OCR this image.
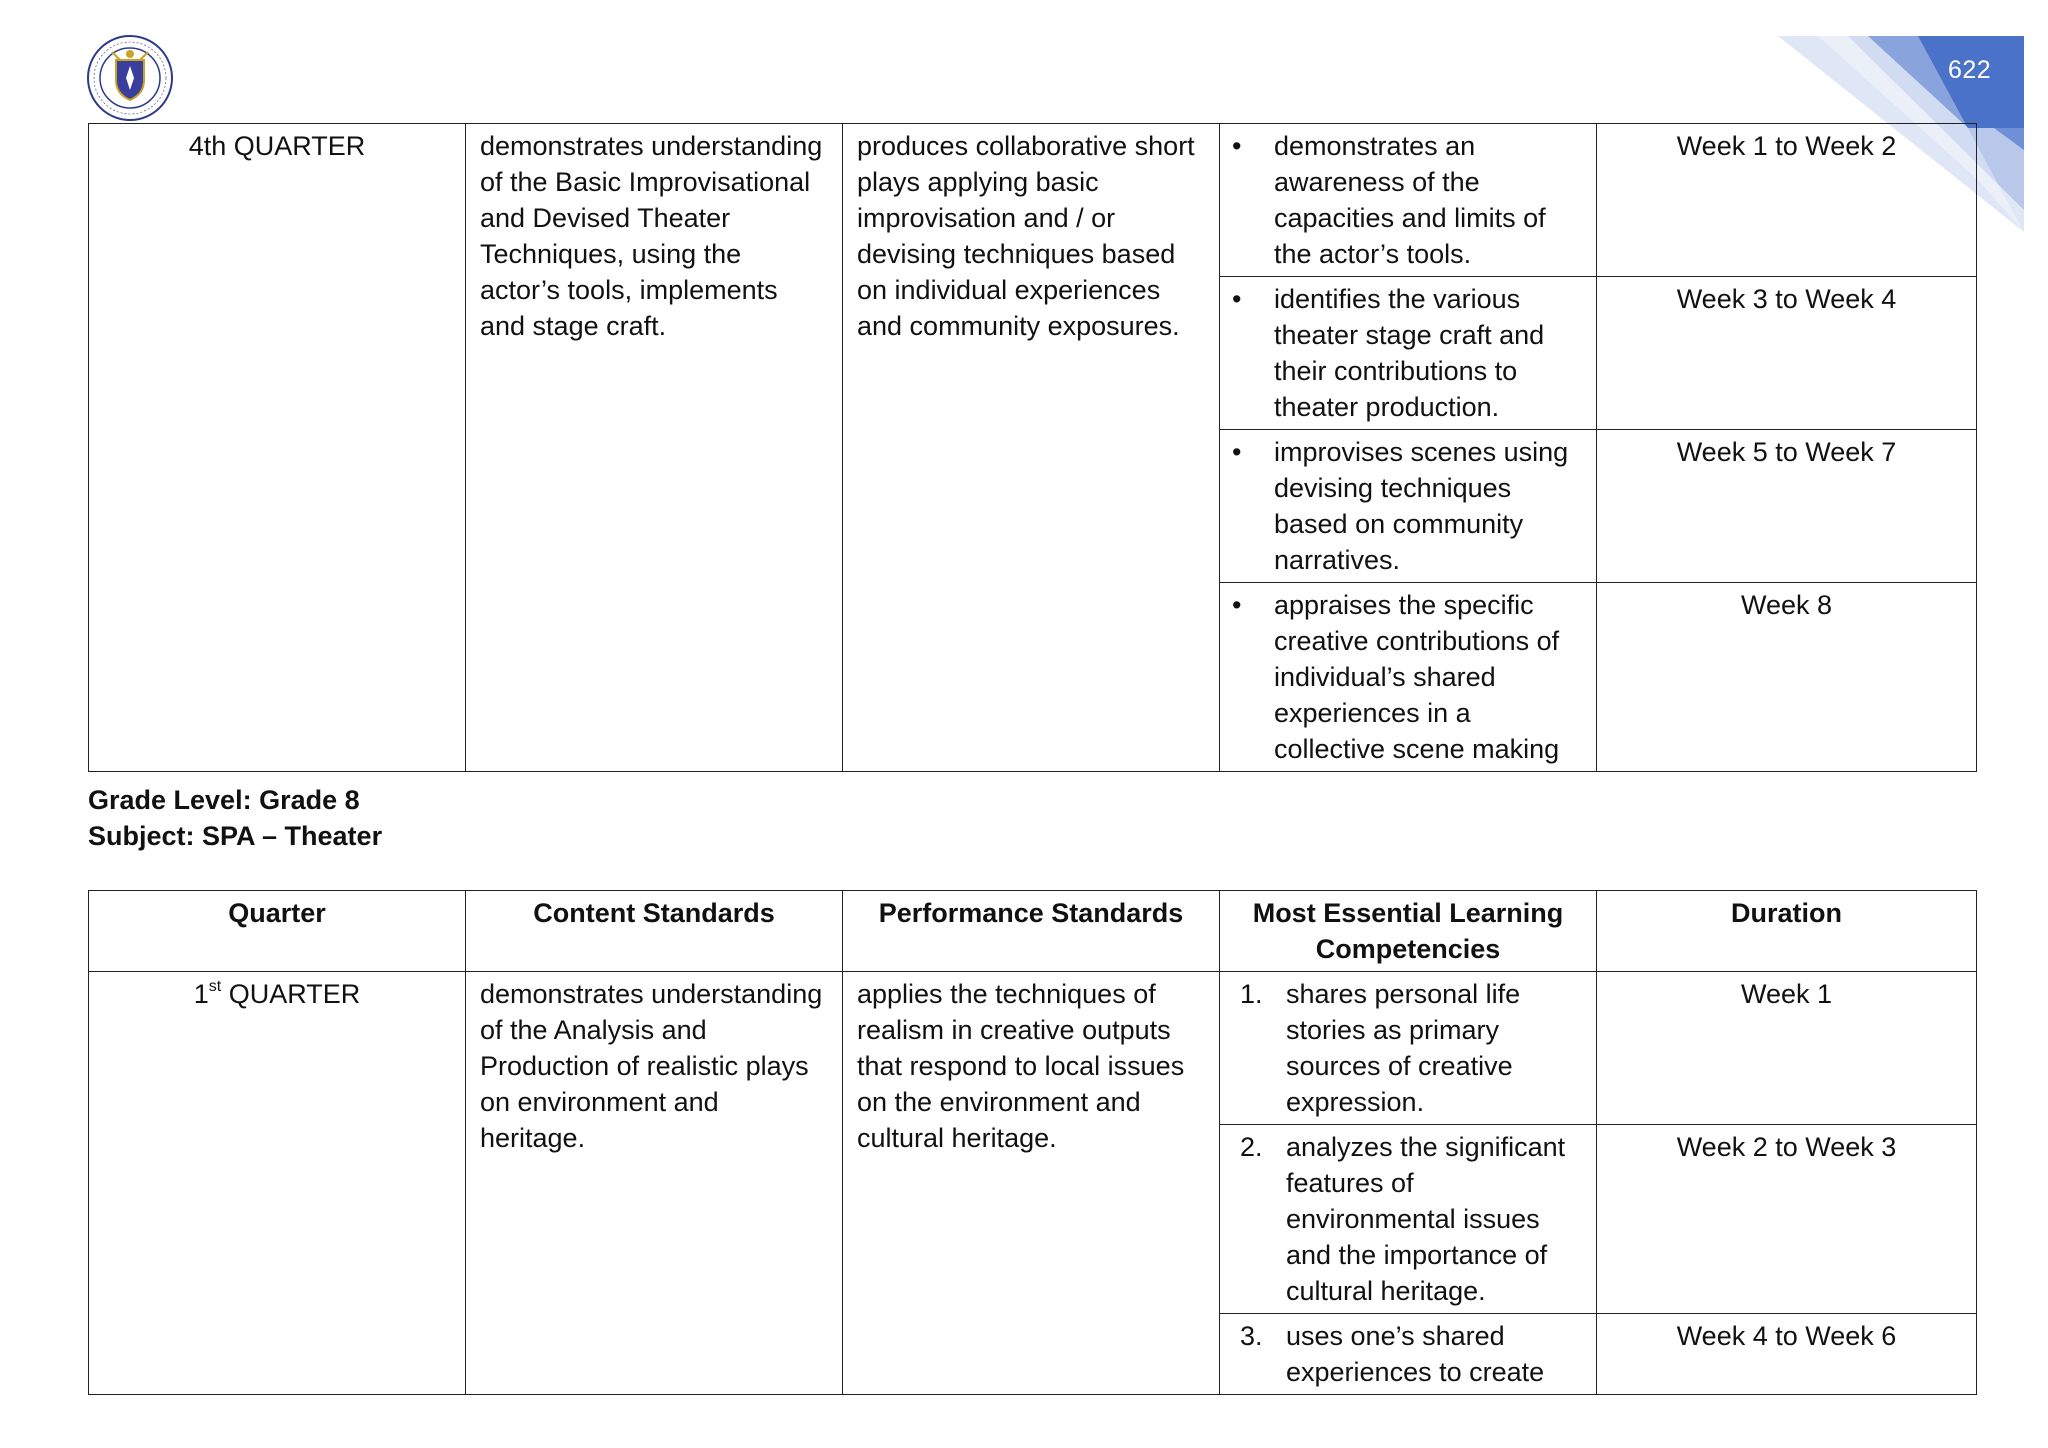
622
4th QUARTER	demonstrates understanding of the Basic Improvisational and Devised Theater Techniques, using the actor’s tools, implements and stage craft.	produces collaborative short plays applying basic improvisation and / or devising techniques based on individual experiences and community exposures.	• demonstrates an awareness of the capacities and limits of the actor’s tools.	Week 1 to Week 2

			• identifies the various theater stage craft and their contributions to theater production.	Week 3 to Week 4

			• improvises scenes using devising techniques based on community narratives.	Week 5 to Week 7

			• appraises the specific creative contributions of individual’s shared experiences in a collective scene making	Week 8
Grade Level: Grade 8
Subject: SPA – Theater
Quarter	Content Standards	Performance Standards	Most Essential Learning Competencies	Duration
1st QUARTER	demonstrates understanding of the Analysis and Production of realistic plays on environment and heritage.	applies the techniques of realism in creative outputs that respond to local issues on the environment and cultural heritage.	1. shares personal life stories as primary sources of creative expression.	Week 1

			2. analyzes the significant features of environmental issues and the importance of cultural heritage.	Week 2 to Week 3

			3. uses one’s shared experiences to create	Week 4 to Week 6
